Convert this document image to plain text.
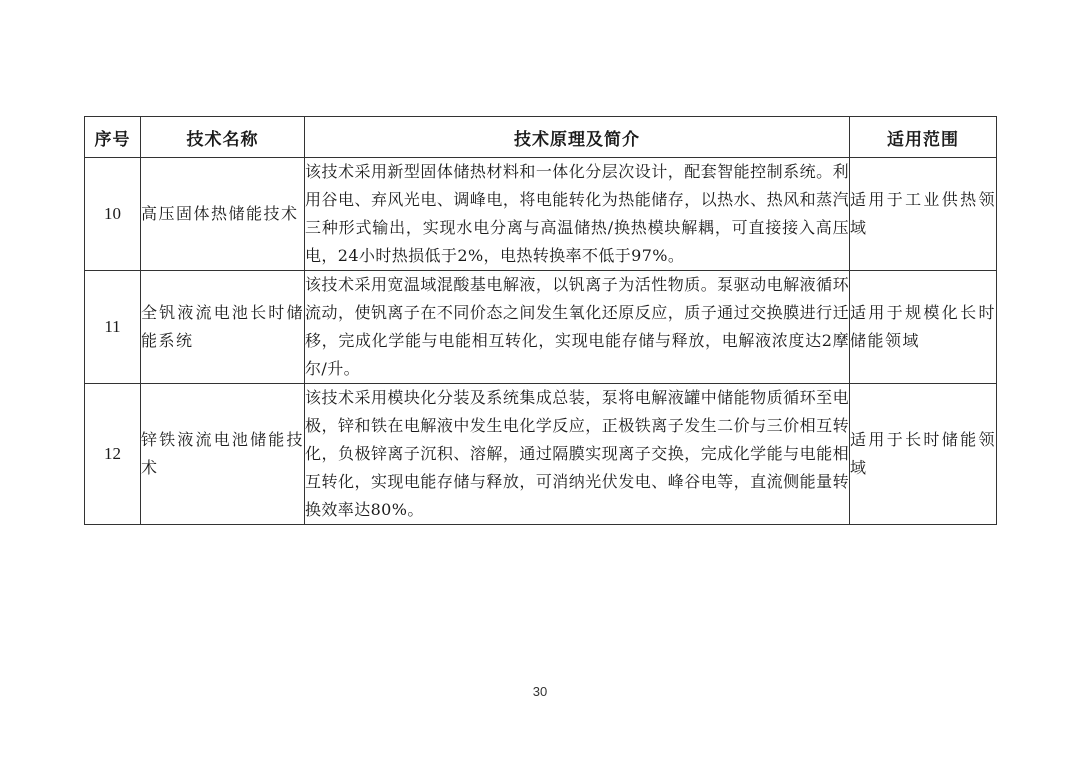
序号	技术名称	技术原理及简介	适用范围
10	高压固体热储能技术	该技术采用新型固体储热材料和一体化分层次设计，配套智能控制系统。利用谷电、弃风光电、调峰电，将电能转化为热能储存，以热水、热风和蒸汽三种形式输出，实现水电分离与高温储热/换热模块解耦，可直接接入高压电，24小时热损低于2%，电热转换率不低于97%。	适用于工业供热领域
11	全钒液流电池长时储能系统	该技术采用宽温域混酸基电解液，以钒离子为活性物质。泵驱动电解液循环流动，使钒离子在不同价态之间发生氧化还原反应，质子通过交换膜进行迁移，完成化学能与电能相互转化，实现电能存储与释放，电解液浓度达2摩尔/升。	适用于规模化长时储能领域
12	锌铁液流电池储能技术	该技术采用模块化分装及系统集成总装，泵将电解液罐中储能物质循环至电极，锌和铁在电解液中发生电化学反应，正极铁离子发生二价与三价相互转化，负极锌离子沉积、溶解，通过隔膜实现离子交换，完成化学能与电能相互转化，实现电能存储与释放，可消纳光伏发电、峰谷电等，直流侧能量转换效率达80%。	适用于长时储能领域
30
